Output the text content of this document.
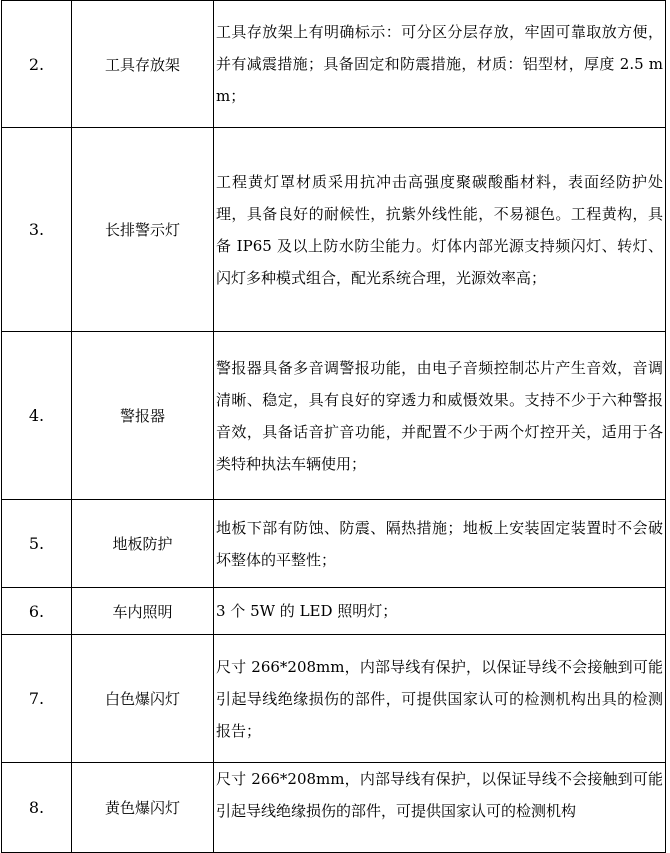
2.	工具存放架	工具存放架上有明确标示：可分区分层存放，牢固可靠取放方便，并有减震措施；具备固定和防震措施，材质：铝型材，厚度 2.5 mm；
3.	长排警示灯	工程黄灯罩材质采用抗冲击高强度聚碳酸酯材料，表面经防护处理，具备良好的耐候性，抗紫外线性能，不易褪色。工程黄构，具备 IP65 及以上防水防尘能力。灯体内部光源支持频闪灯、转灯、闪灯多种模式组合，配光系统合理，光源效率高；
4.	警报器	警报器具备多音调警报功能，由电子音频控制芯片产生音效，音调清晰、稳定，具有良好的穿透力和威慑效果。支持不少于六种警报音效，具备话音扩音功能，并配置不少于两个灯控开关，适用于各类特种执法车辆使用；
5.	地板防护	地板下部有防蚀、防震、隔热措施；地板上安装固定装置时不会破坏整体的平整性；
6.	车内照明	3 个 5W 的 LED 照明灯；
7.	白色爆闪灯	尺寸 266*208mm，内部导线有保护，以保证导线不会接触到可能引起导线绝缘损伤的部件，可提供国家认可的检测机构出具的检测报告；
8.	黄色爆闪灯	尺寸 266*208mm，内部导线有保护，以保证导线不会接触到可能引起导线绝缘损伤的部件，可提供国家认可的检测机构
